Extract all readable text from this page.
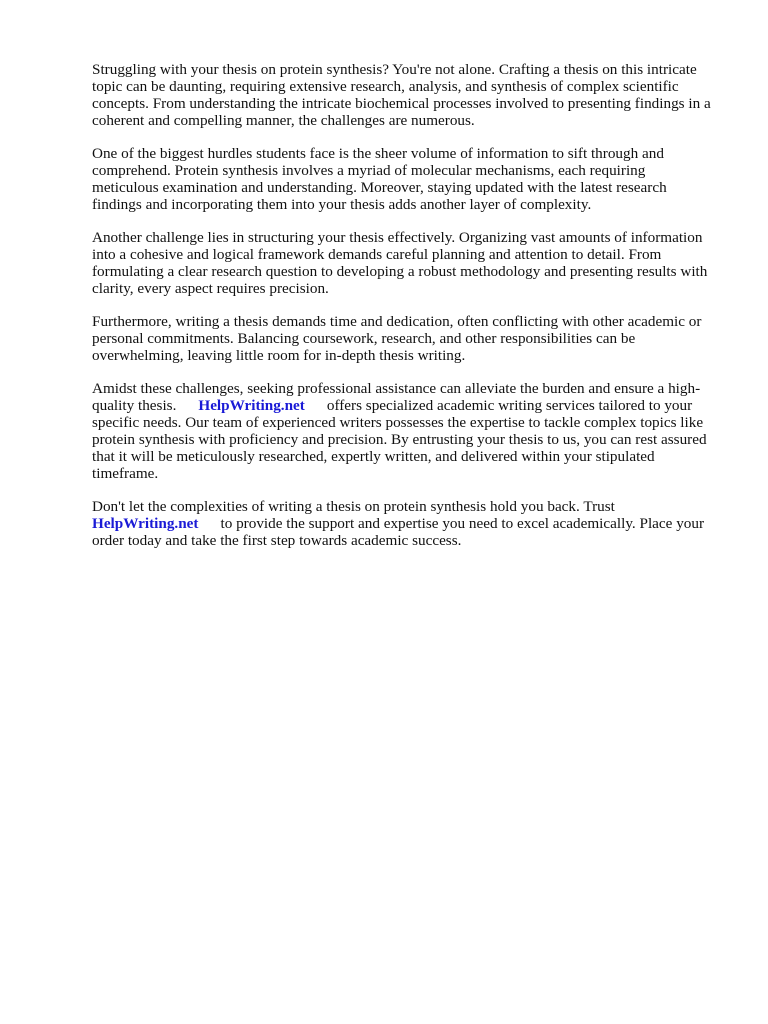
Struggling with your thesis on protein synthesis? You're not alone. Crafting a thesis on this intricate
topic can be daunting, requiring extensive research, analysis, and synthesis of complex scientific
concepts. From understanding the intricate biochemical processes involved to presenting findings in a
coherent and compelling manner, the challenges are numerous.

One of the biggest hurdles students face is the sheer volume of information to sift through and
comprehend. Protein synthesis involves a myriad of molecular mechanisms, each requiring
meticulous examination and understanding. Moreover, staying updated with the latest research
findings and incorporating them into your thesis adds another layer of complexity.

Another challenge lies in structuring your thesis effectively. Organizing vast amounts of information
into a cohesive and logical framework demands careful planning and attention to detail. From
formulating a clear research question to developing a robust methodology and presenting results with
clarity, every aspect requires precision.

Furthermore, writing a thesis demands time and dedication, often conflicting with other academic or
personal commitments. Balancing coursework, research, and other responsibilities can be
overwhelming, leaving little room for in-depth thesis writing.

Amidst these challenges, seeking professional assistance can alleviate the burden and ensure a high-
quality thesis. HelpWriting.net offers specialized academic writing services tailored to your
specific needs. Our team of experienced writers possesses the expertise to tackle complex topics like
protein synthesis with proficiency and precision. By entrusting your thesis to us, you can rest assured
that it will be meticulously researched, expertly written, and delivered within your stipulated
timeframe.

Don't let the complexities of writing a thesis on protein synthesis hold you back. Trust
HelpWriting.net to provide the support and expertise you need to excel academically. Place your
order today and take the first step towards academic success.
